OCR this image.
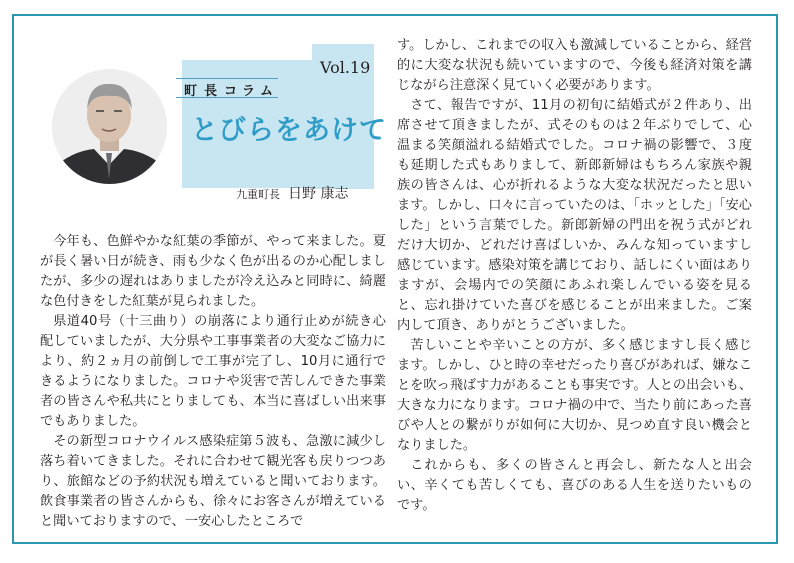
町 長 コ ラ ム
Vol.19
とびらをあけて
九重町長 日野 康志

今年も、色鮮やかな紅葉の季節が、やって来ました。夏が長く暑い日が続き、雨も少なく色が出るのか心配しましたが、多少の遅れはありましたが冷え込みと同時に、綺麗な色付きをした紅葉が見られました。

県道40号（十三曲り）の崩落により通行止めが続き心配していましたが、大分県や工事事業者の大変なご協力により、約２ヵ月の前倒しで工事が完了し、10月に通行できるようになりました。コロナや災害で苦しんできた事業者の皆さんや私共にとりましても、本当に喜ばしい出来事でもありました。

その新型コロナウイルス感染症第５波も、急激に減少し落ち着いてきました。それに合わせて観光客も戻りつつあり、旅館などの予約状況も増えていると聞いております。飲食事業者の皆さんからも、徐々にお客さんが増えていると聞いておりますので、一安心したところで

す。しかし、これまでの収入も激減していることから、経営的に大変な状況も続いていますので、今後も経済対策を講じながら注意深く見ていく必要があります。

さて、報告ですが、11月の初旬に結婚式が２件あり、出席させて頂きましたが、式そのものは２年ぶりでして、心温まる笑顔溢れる結婚式でした。コロナ禍の影響で、３度も延期した式もありまして、新郎新婦はもちろん家族や親族の皆さんは、心が折れるような大変な状況だったと思います。しかし、口々に言っていたのは、「ホッとした」「安心した」という言葉でした。新郎新婦の門出を祝う式がどれだけ大切か、どれだけ喜ばしいか、みんな知っていますし感じています。感染対策を講じており、話しにくい面はありますが、会場内での笑顔にあふれ楽しんでいる姿を見ると、忘れ掛けていた喜びを感じることが出来ました。ご案内して頂き、ありがとうございました。

苦しいことや辛いことの方が、多く感じますし長く感じます。しかし、ひと時の幸せだったり喜びがあれば、嫌なことを吹っ飛ばす力があることも事実です。人との出会いも、大きな力になります。コロナ禍の中で、当たり前にあった喜びや人との繋がりが如何に大切か、見つめ直す良い機会となりました。

これからも、多くの皆さんと再会し、新たな人と出会い、辛くても苦しくても、喜びのある人生を送りたいものです。
